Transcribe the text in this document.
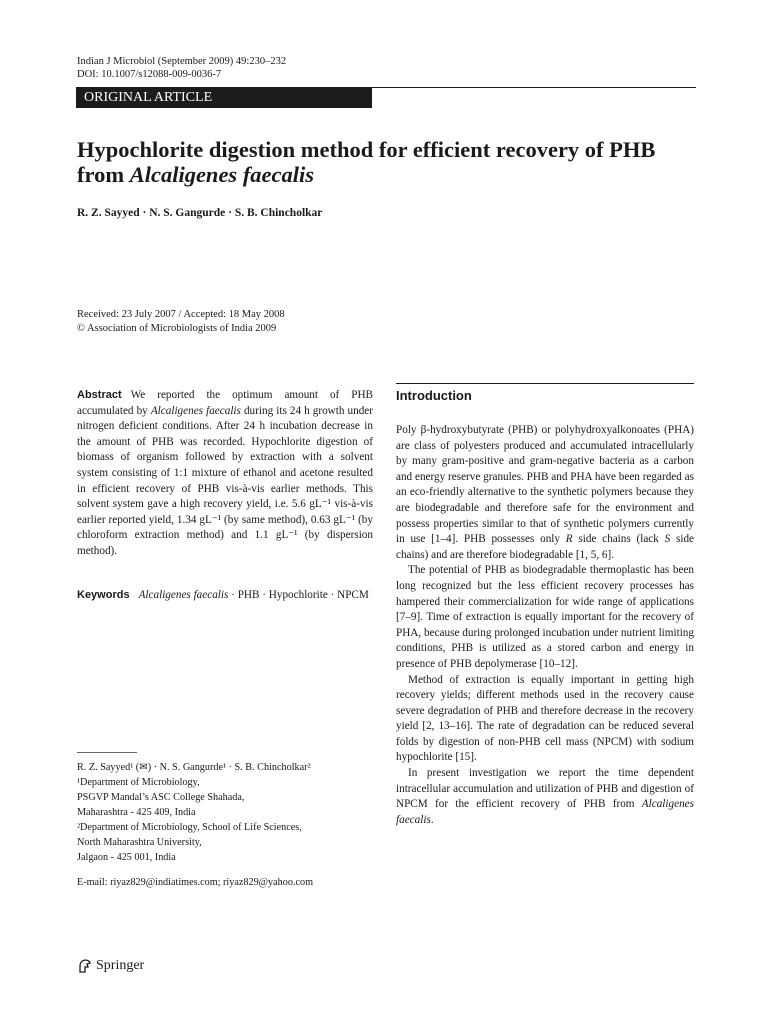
Indian J Microbiol (September 2009) 49:230–232
DOI: 10.1007/s12088-009-0036-7
ORIGINAL ARTICLE
Hypochlorite digestion method for efficient recovery of PHB
from Alcaligenes faecalis
R. Z. Sayyed · N. S. Gangurde · S. B. Chincholkar
Received: 23 July 2007 / Accepted: 18 May 2008
© Association of Microbiologists of India 2009
Abstract We reported the optimum amount of PHB accumulated by Alcaligenes faecalis during its 24 h growth under nitrogen deficient conditions. After 24 h incubation decrease in the amount of PHB was recorded. Hypochlorite digestion of biomass of organism followed by extraction with a solvent system consisting of 1:1 mixture of ethanol and acetone resulted in efficient recovery of PHB vis-à-vis earlier methods. This solvent system gave a high recovery yield, i.e. 5.6 gL⁻¹ vis-à-vis earlier reported yield, 1.34 gL⁻¹ (by same method), 0.63 gL⁻¹ (by chloroform extraction method) and 1.1 gL⁻¹ (by dispersion method).
Keywords Alcaligenes faecalis · PHB · Hypochlorite · NPCM
R. Z. Sayyed¹ (✉) · N. S. Gangurde¹ · S. B. Chincholkar²
¹Department of Microbiology,
PSGVP Mandal’s ASC College Shahada,
Maharashtra - 425 409, India
²Department of Microbiology, School of Life Sciences,
North Maharashtra University,
Jalgaon - 425 001, India
E-mail: riyaz829@indiatimes.com; riyaz829@yahoo.com
Springer
Introduction

Poly β-hydroxybutyrate (PHB) or polyhydroxyalkonoates (PHA) are class of polyesters produced and accumulated intracellularly by many gram-positive and gram-negative bacteria as a carbon and energy reserve granules. PHB and PHA have been regarded as an eco-friendly alternative to the synthetic polymers because they are biodegradable and therefore safe for the environment and possess properties similar to that of synthetic polymers currently in use [1–4]. PHB possesses only R side chains (lack S side chains) and are therefore biodegradable [1, 5, 6].

The potential of PHB as biodegradable thermoplastic has been long recognized but the less efficient recovery processes has hampered their commercialization for wide range of applications [7–9]. Time of extraction is equally important for the recovery of PHA, because during prolonged incubation under nutrient limiting conditions, PHB is utilized as a stored carbon and energy in presence of PHB depolymerase [10–12].

Method of extraction is equally important in getting high recovery yields; different methods used in the recovery cause severe degradation of PHB and therefore decrease in the recovery yield [2, 13–16]. The rate of degradation can be reduced several folds by digestion of non-PHB cell mass (NPCM) with sodium hypochlorite [15].

In present investigation we report the time dependent intracellular accumulation and utilization of PHB and digestion of NPCM for the efficient recovery of PHB from Alcaligenes faecalis.
